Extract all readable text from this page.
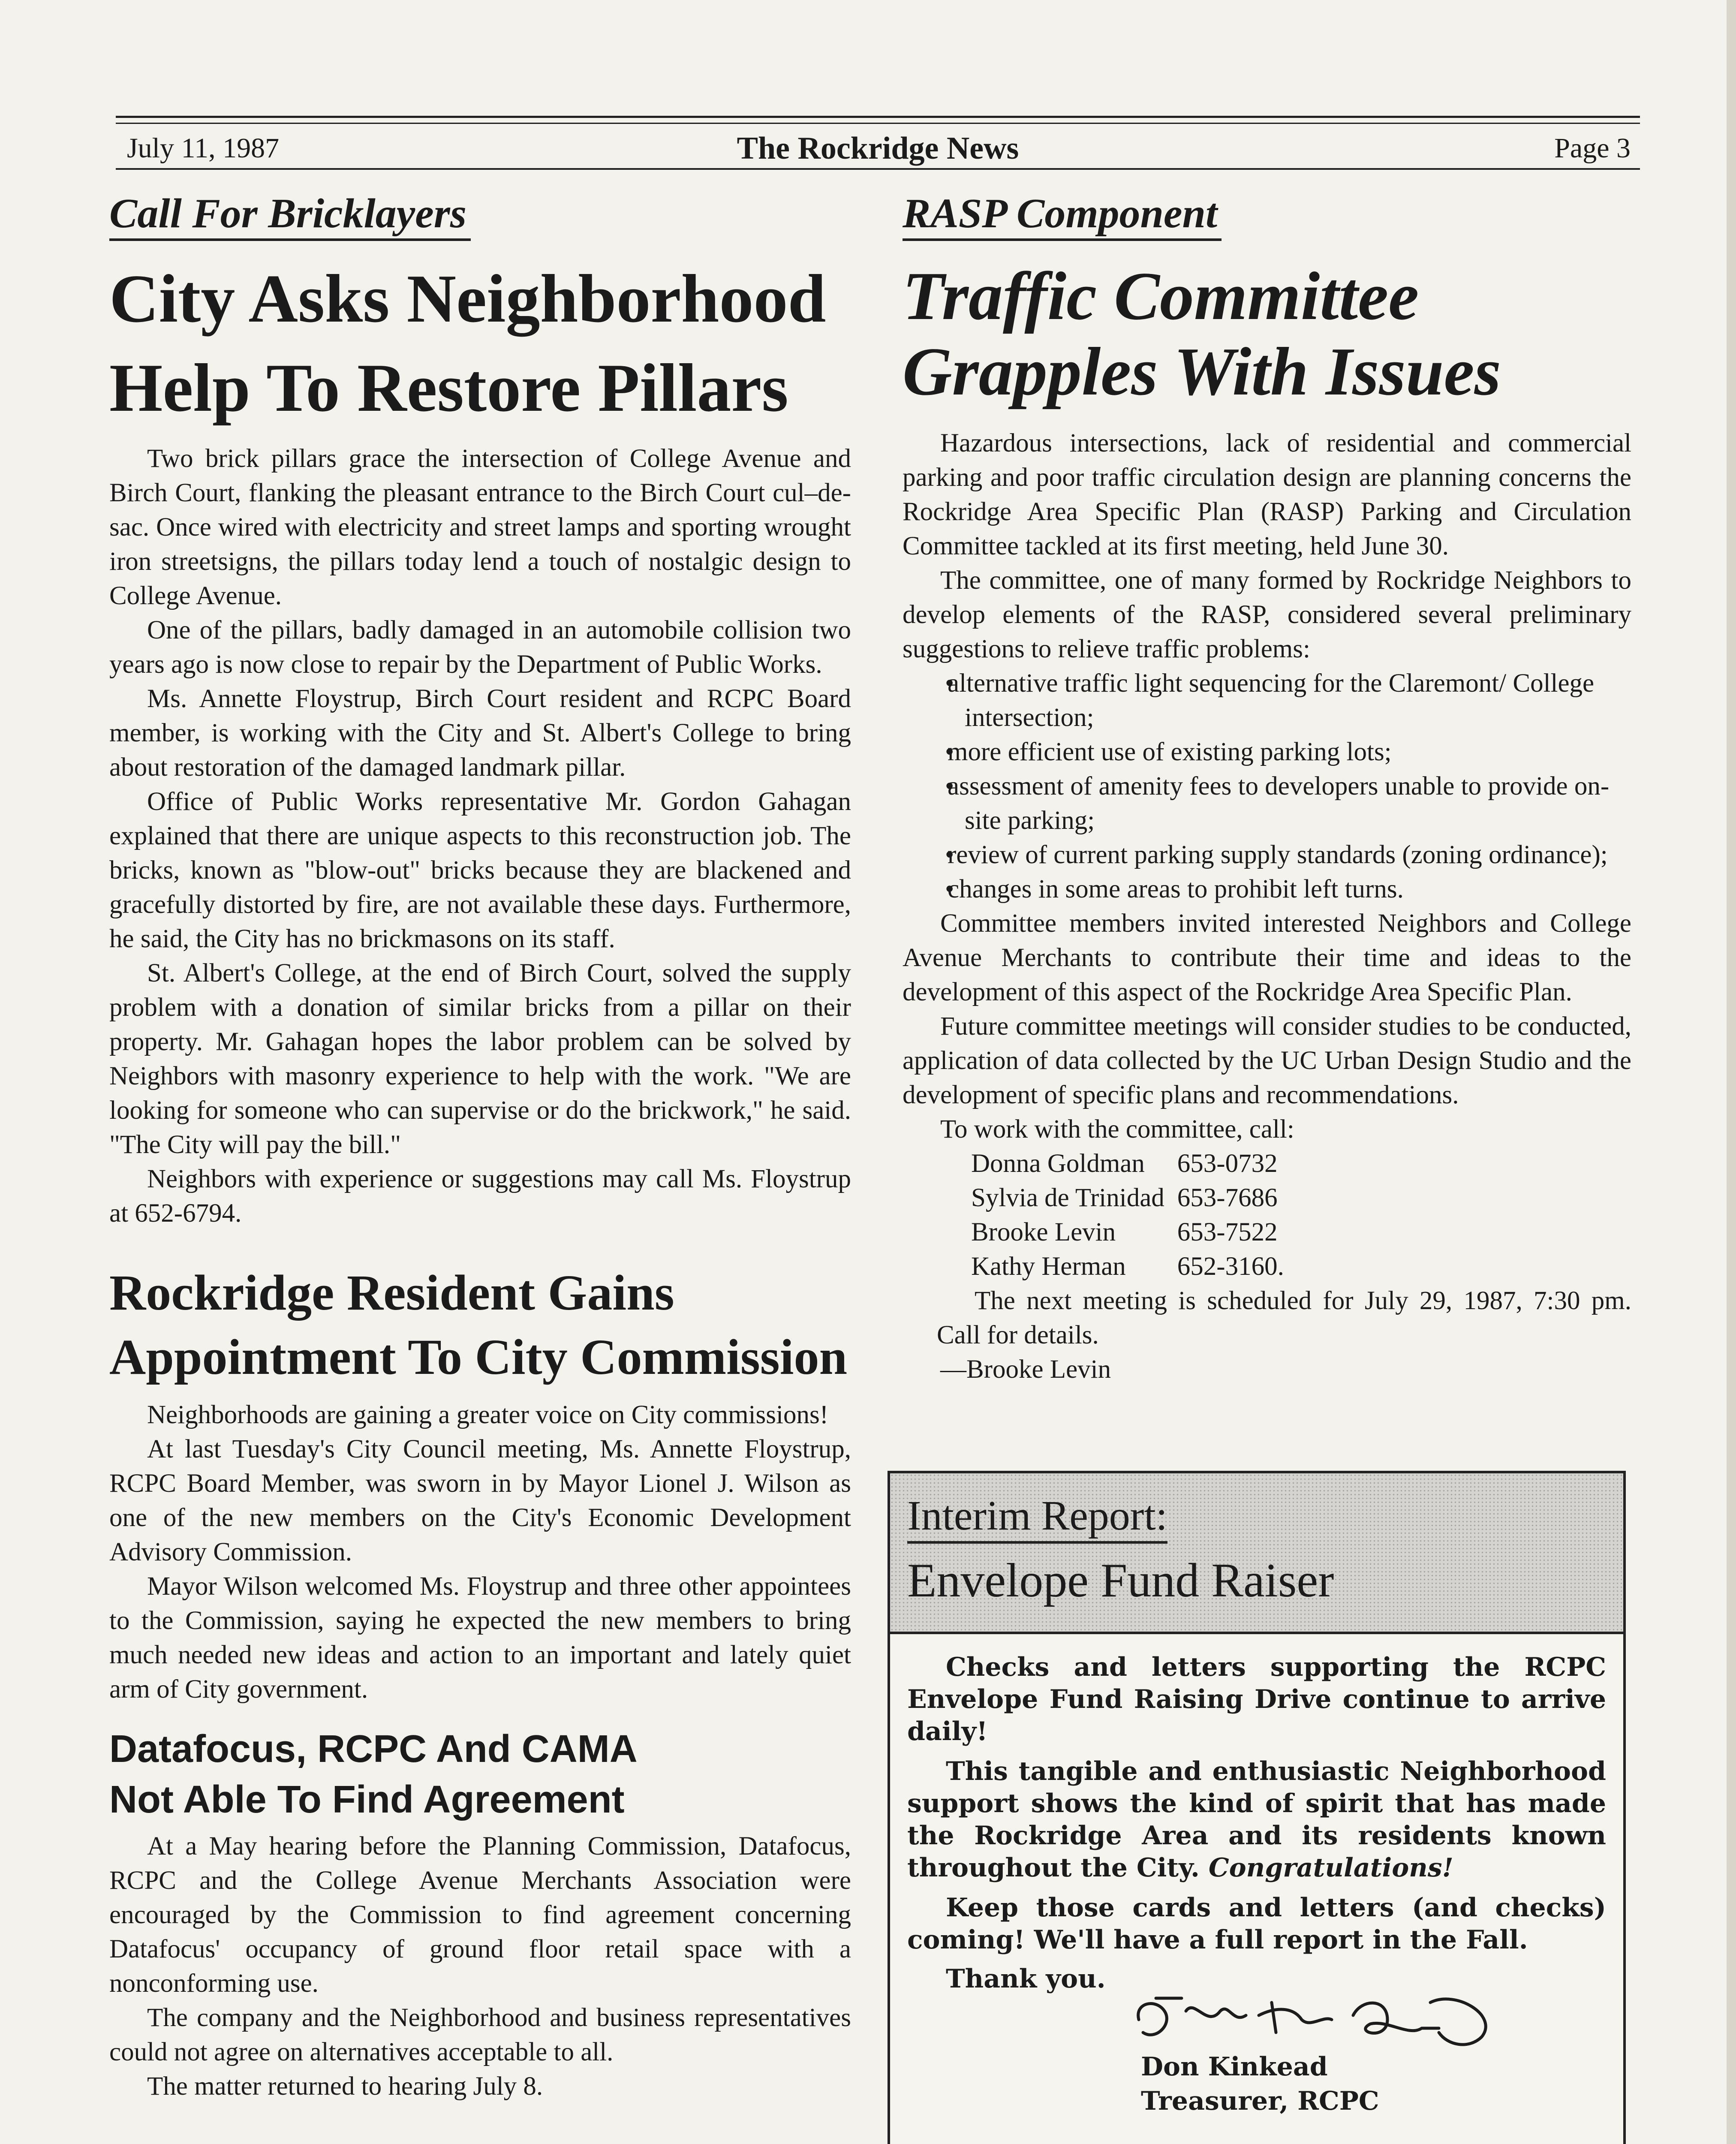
July 11, 1987	The Rockridge News	Page 3
Call For Bricklayers
City Asks Neighborhood
Help To Restore Pillars

Two brick pillars grace the intersection of College Avenue and Birch Court, flanking the pleasant entrance to the Birch Court cul–de-sac. Once wired with electricity and street lamps and sporting wrought iron streetsigns, the pillars today lend a touch of nostalgic design to College Avenue.

One of the pillars, badly damaged in an automobile collision two years ago is now close to repair by the Department of Public Works.

Ms. Annette Floystrup, Birch Court resident and RCPC Board member, is working with the City and St. Albert's College to bring about restoration of the damaged landmark pillar.

Office of Public Works representative Mr. Gordon Gahagan explained that there are unique aspects to this reconstruction job. The bricks, known as "blow-out" bricks because they are blackened and gracefully distorted by fire, are not available these days. Furthermore, he said, the City has no brickmasons on its staff.

St. Albert's College, at the end of Birch Court, solved the supply problem with a donation of similar bricks from a pillar on their property. Mr. Gahagan hopes the labor problem can be solved by Neighbors with masonry experience to help with the work. "We are looking for someone who can supervise or do the brickwork," he said. "The City will pay the bill."

Neighbors with experience or suggestions may call Ms. Floystrup at 652-6794.

Rockridge Resident Gains
Appointment To City Commission

Neighborhoods are gaining a greater voice on City commissions!

At last Tuesday's City Council meeting, Ms. Annette Floystrup, RCPC Board Member, was sworn in by Mayor Lionel J. Wilson as one of the new members on the City's Economic Development Advisory Commission.

Mayor Wilson welcomed Ms. Floystrup and three other appointees to the Commission, saying he expected the new members to bring much needed new ideas and action to an important and lately quiet arm of City government.

Datafocus, RCPC And CAMA
Not Able To Find Agreement

At a May hearing before the Planning Commission, Datafocus, RCPC and the College Avenue Merchants Association were encouraged by the Commission to find agreement concerning Datafocus' occupancy of ground floor retail space with a nonconforming use.

The company and the Neighborhood and business representatives could not agree on alternatives acceptable to all.

The matter returned to hearing July 8.

RASP Component
Traffic Committee
Grapples With Issues

Hazardous intersections, lack of residential and commercial parking and poor traffic circulation design are planning concerns the Rockridge Area Specific Plan (RASP) Parking and Circulation Committee tackled at its first meeting, held June 30.

The committee, one of many formed by Rockridge Neighbors to develop elements of the RASP, considered several preliminary suggestions to relieve traffic problems:

• alternative traffic light sequencing for the Claremont/ College intersection;
• more efficient use of existing parking lots;
• assessment of amenity fees to developers unable to provide on-site parking;
• review of current parking supply standards (zoning ordinance);
• changes in some areas to prohibit left turns.

Committee members invited interested Neighbors and College Avenue Merchants to contribute their time and ideas to the development of this aspect of the Rockridge Area Specific Plan.

Future committee meetings will consider studies to be conducted, application of data collected by the UC Urban Design Studio and the development of specific plans and recommendations.

To work with the committee, call:

Donna Goldman	653-0732
Sylvia de Trinidad	653-7686
Brooke Levin	653-7522
Kathy Herman	652-3160.

The next meeting is scheduled for July 29, 1987, 7:30 pm. Call for details.

—Brooke Levin

Interim Report:
Envelope Fund Raiser

Checks and letters supporting the RCPC Envelope Fund Raising Drive continue to arrive daily!

This tangible and enthusiastic Neighborhood support shows the kind of spirit that has made the Rockridge Area and its residents known throughout the City. Congratulations!

Keep those cards and letters (and checks) coming! We'll have a full report in the Fall.

Thank you.
Don Kinkead
Treasurer, RCPC
